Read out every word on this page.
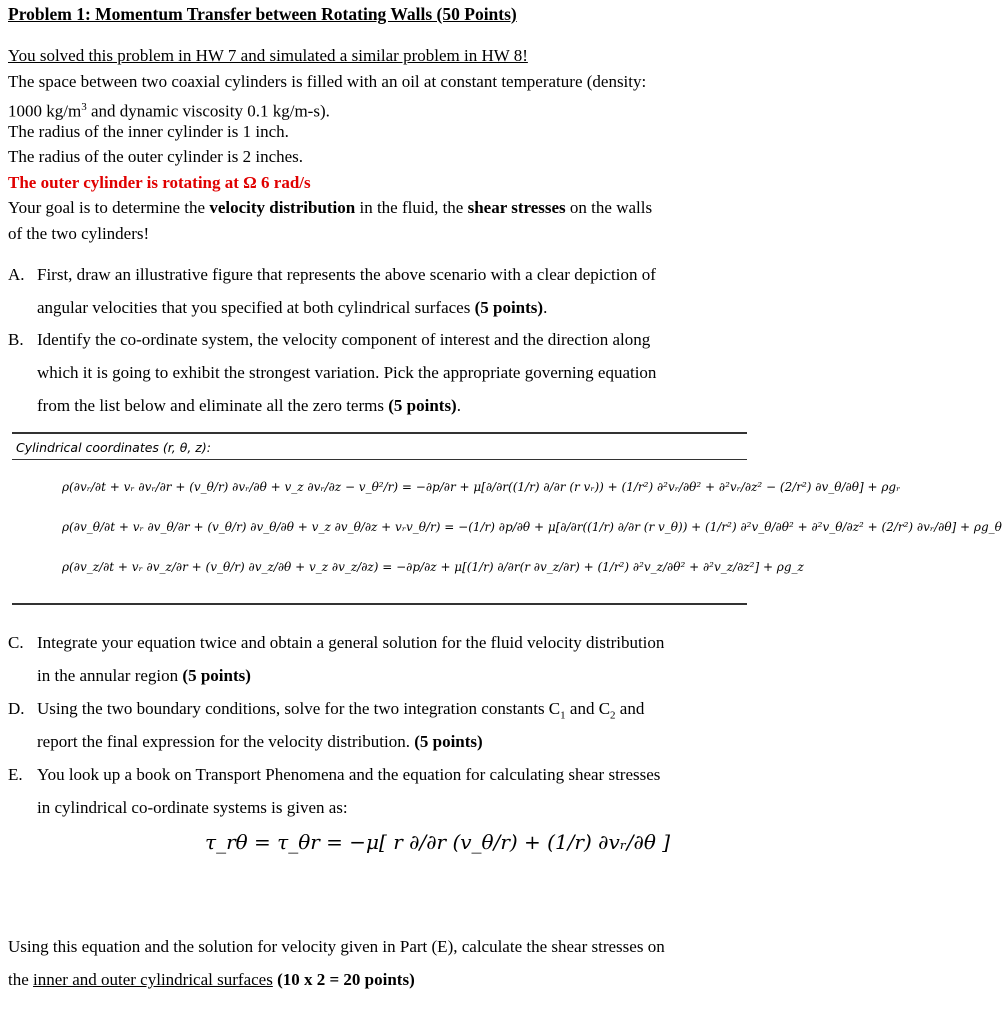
Problem 1: Momentum Transfer between Rotating Walls (50 Points)
You solved this problem in HW 7 and simulated a similar problem in HW 8!
The space between two coaxial cylinders is filled with an oil at constant temperature (density:
1000 $kg/m^3$ and dynamic viscosity 0.1 kg/m-s).
The radius of the inner cylinder is 1 inch.
The radius of the outer cylinder is 2 inches.
The outer cylinder is rotating at Ω 6 rad/s
Your goal is to determine the velocity distribution in the fluid, the shear stresses on the walls
of the two cylinders!
A. First, draw an illustrative figure that represents the above scenario with a clear depiction of
angular velocities that you specified at both cylindrical surfaces (5 points).
B. Identify the co-ordinate system, the velocity component of interest and the direction along
which it is going to exhibit the strongest variation. Pick the appropriate governing equation
from the list below and eliminate all the zero terms (5 points).
Cylindrical coordinates (r, θ, z):
ρ(∂vᵣ/∂t + vᵣ ∂vᵣ/∂r + (v_θ/r) ∂vᵣ/∂θ + v_z ∂vᵣ/∂z − v_θ²/r) = −∂p/∂r + μ[∂/∂r((1/r) ∂/∂r (r vᵣ)) + (1/r²) ∂²vᵣ/∂θ² + ∂²vᵣ/∂z² − (2/r²) ∂v_θ/∂θ] + ρgᵣ
ρ(∂v_θ/∂t + vᵣ ∂v_θ/∂r + (v_θ/r) ∂v_θ/∂θ + v_z ∂v_θ/∂z + vᵣv_θ/r) = −(1/r) ∂p/∂θ + μ[∂/∂r((1/r) ∂/∂r (r v_θ)) + (1/r²) ∂²v_θ/∂θ² + ∂²v_θ/∂z² + (2/r²) ∂vᵣ/∂θ] + ρg_θ
ρ(∂v_z/∂t + vᵣ ∂v_z/∂r + (v_θ/r) ∂v_z/∂θ + v_z ∂v_z/∂z) = −∂p/∂z + μ[(1/r) ∂/∂r(r ∂v_z/∂r) + (1/r²) ∂²v_z/∂θ² + ∂²v_z/∂z²] + ρg_z
C. Integrate your equation twice and obtain a general solution for the fluid velocity distribution
in the annular region (5 points)
D. Using the two boundary conditions, solve for the two integration constants $C_1$ and $C_2$ and
report the final expression for the velocity distribution. (5 points)
E. You look up a book on Transport Phenomena and the equation for calculating shear stresses
in cylindrical co-ordinate systems is given as:
τ_rθ = τ_θr = −μ[ r ∂/∂r (v_θ/r) + (1/r) ∂vᵣ/∂θ ]
Using this equation and the solution for velocity given in Part (E), calculate the shear stresses on
the inner and outer cylindrical surfaces (10 x 2 = 20 points)
